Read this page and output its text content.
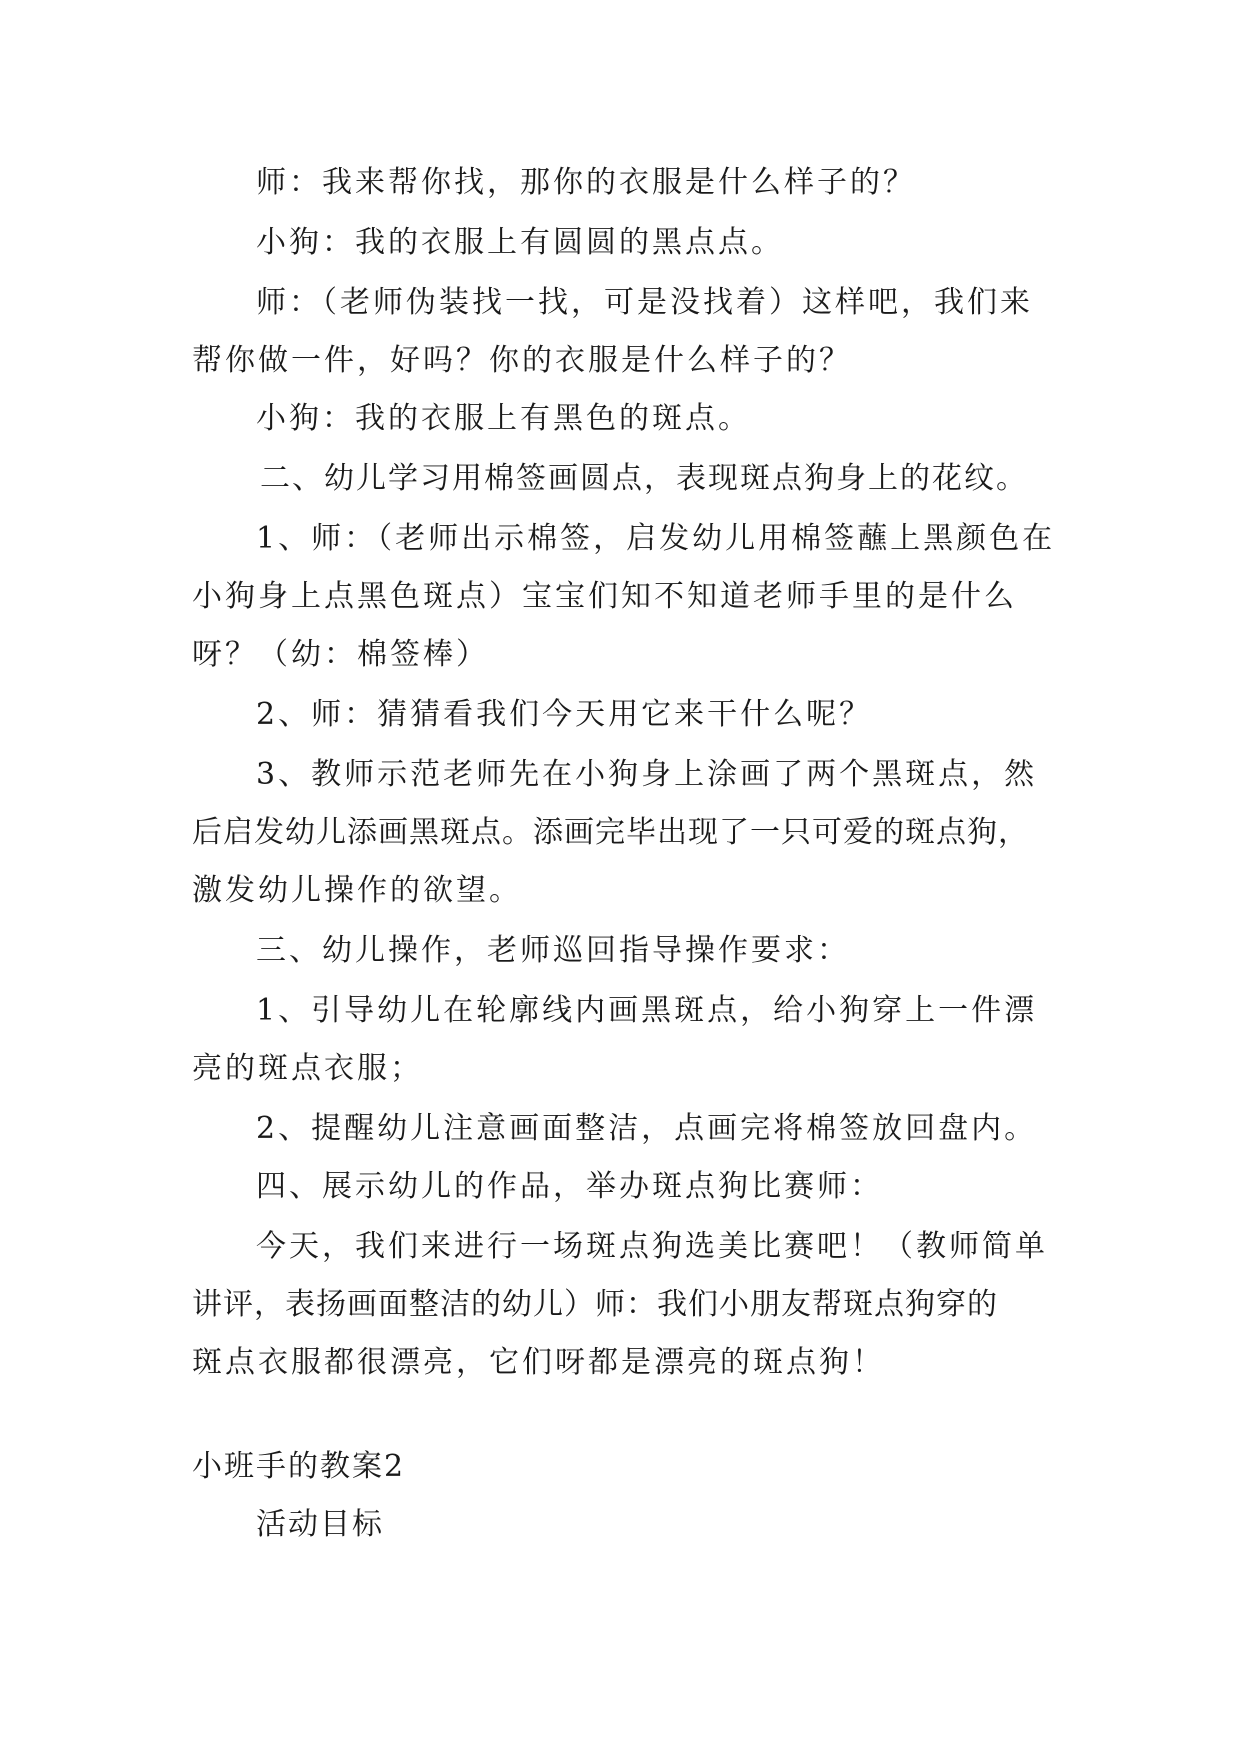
师：我来帮你找，那你的衣服是什么样子的？
小狗：我的衣服上有圆圆的黑点点。
师：（老师伪装找一找，可是没找着）这样吧，我们来
帮你做一件，好吗？你的衣服是什么样子的？
小狗：我的衣服上有黑色的斑点。
二、幼儿学习用棉签画圆点，表现斑点狗身上的花纹。
1、师：（老师出示棉签，启发幼儿用棉签蘸上黑颜色在
小狗身上点黑色斑点）宝宝们知不知道老师手里的是什么
呀？（幼：棉签棒）
2、师：猜猜看我们今天用它来干什么呢？
3、教师示范老师先在小狗身上涂画了两个黑斑点，然
后启发幼儿添画黑斑点。添画完毕出现了一只可爱的斑点狗，
激发幼儿操作的欲望。
三、幼儿操作，老师巡回指导操作要求：
1、引导幼儿在轮廓线内画黑斑点，给小狗穿上一件漂
亮的斑点衣服；
2、提醒幼儿注意画面整洁，点画完将棉签放回盘内。
四、展示幼儿的作品，举办斑点狗比赛师：
今天，我们来进行一场斑点狗选美比赛吧！（教师简单
讲评，表扬画面整洁的幼儿）师：我们小朋友帮斑点狗穿的
斑点衣服都很漂亮，它们呀都是漂亮的斑点狗！
小班手的教案2
活动目标
